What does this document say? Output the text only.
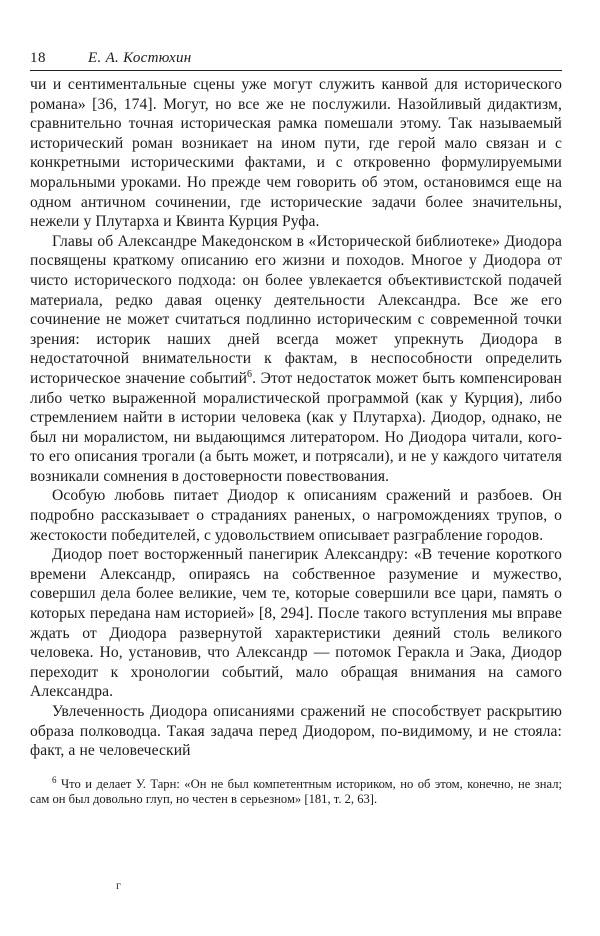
18	Е. А. Костюхин

чи и сентиментальные сцены уже могут служить канвой для исторического романа» [36, 174]. Могут, но все же не послужили. Назойливый дидактизм, сравнительно точная историческая рамка помешали этому. Так называемый исторический роман возникает на ином пути, где герой мало связан и с конкретными историческими фактами, и с откровенно формулируемыми моральными уроками. Но прежде чем говорить об этом, остановимся еще на одном античном сочинении, где исторические задачи более значительны, нежели у Плутарха и Квинта Курция Руфа.

Главы об Александре Македонском в «Исторической библиотеке» Диодора посвящены краткому описанию его жизни и походов. Многое у Диодора от чисто исторического подхода: он более увлекается объективистской подачей материала, редко давая оценку деятельности Александра. Все же его сочинение не может считаться подлинно историческим с современной точки зрения: историк наших дней всегда может упрекнуть Диодора в недостаточной внимательности к фактам, в неспособности определить историческое значение событий$^6$. Этот недостаток может быть компенсирован либо четко выраженной моралистической программой (как у Курция), либо стремлением найти в истории человека (как у Плутарха). Диодор, однако, не был ни моралистом, ни выдающимся литератором. Но Диодора читали, кого-то его описания трогали (а быть может, и потрясали), и не у каждого читателя возникали сомнения в достоверности повествования.

Особую любовь питает Диодор к описаниям сражений и разбоев. Он подробно рассказывает о страданиях раненых, о нагромождениях трупов, о жестокости победителей, с удовольствием описывает разграбление городов.

Диодор поет восторженный панегирик Александру: «В течение короткого времени Александр, опираясь на собственное разумение и мужество, совершил дела более великие, чем те, которые совершили все цари, память о которых передана нам историей» [8, 294]. После такого вступления мы вправе ждать от Диодора развернутой характеристики деяний столь великого человека. Но, установив, что Александр — потомок Геракла и Эака, Диодор переходит к хронологии событий, мало обращая внимания на самого Александра.

Увлеченность Диодора описаниями сражений не способствует раскрытию образа полководца. Такая задача перед Диодором, по-видимому, и не стояла: факт, а не человеческий

$^6$ Что и делает У. Тарн: «Он не был компетентным историком, но об этом, конечно, не знал; сам он был довольно глуп, но честен в серьезном» [181, т. 2, 63].

г
